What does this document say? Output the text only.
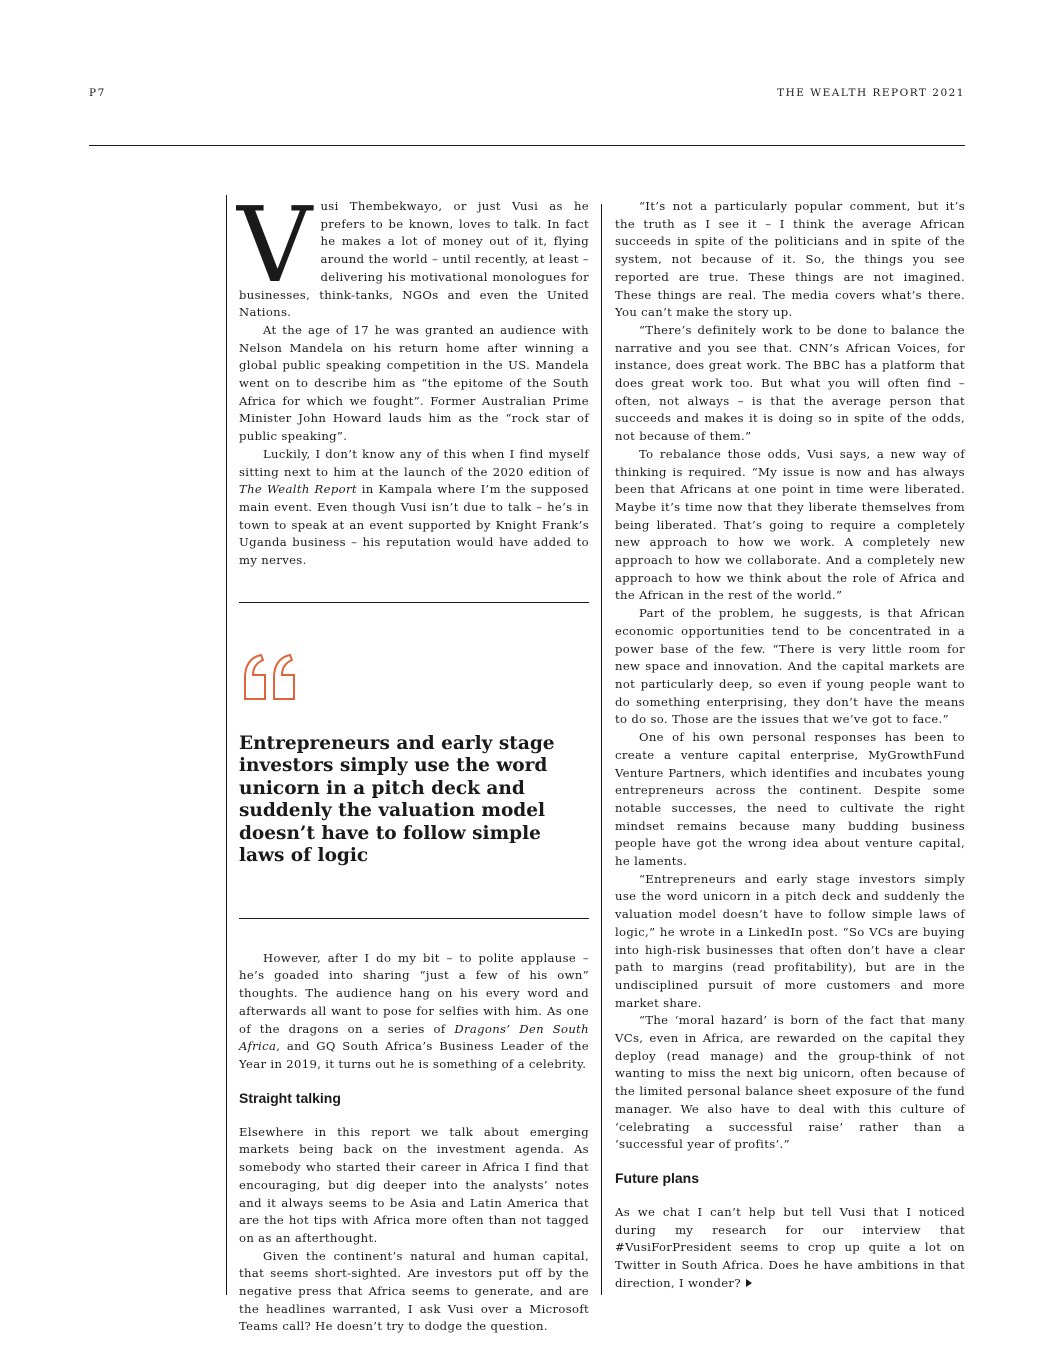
P7	THE WEALTH REPORT 2021

Vusi Thembekwayo, or just Vusi as he prefers to be known, loves to talk. In fact he makes a lot of money out of it, flying around the world – until recently, at least – delivering his motivational monologues for businesses, think-tanks, NGOs and even the United Nations.

At the age of 17 he was granted an audience with Nelson Mandela on his return home after winning a global public speaking competition in the US. Mandela went on to describe him as “the epitome of the South Africa for which we fought”. Former Australian Prime Minister John Howard lauds him as the “rock star of public speaking”.

Luckily, I don’t know any of this when I find myself sitting next to him at the launch of the 2020 edition of The Wealth Report in Kampala where I’m the supposed main event. Even though Vusi isn’t due to talk – he’s in town to speak at an event supported by Knight Frank’s Uganda business – his reputation would have added to my nerves.

Entrepreneurs and early stage investors simply use the word unicorn in a pitch deck and suddenly the valuation model doesn’t have to follow simple laws of logic

However, after I do my bit – to polite applause – he’s goaded into sharing “just a few of his own” thoughts. The audience hang on his every word and afterwards all want to pose for selfies with him. As one of the dragons on a series of Dragons’ Den South Africa, and GQ South Africa’s Business Leader of the Year in 2019, it turns out he is something of a celebrity.

Straight talking

Elsewhere in this report we talk about emerging markets being back on the investment agenda. As somebody who started their career in Africa I find that encouraging, but dig deeper into the analysts’ notes and it always seems to be Asia and Latin America that are the hot tips with Africa more often than not tagged on as an afterthought.

Given the continent’s natural and human capital, that seems short-sighted. Are investors put off by the negative press that Africa seems to generate, and are the headlines warranted, I ask Vusi over a Microsoft Teams call? He doesn’t try to dodge the question.

“It’s not a particularly popular comment, but it’s the truth as I see it – I think the average African succeeds in spite of the politicians and in spite of the system, not because of it. So, the things you see reported are true. These things are not imagined. These things are real. The media covers what’s there. You can’t make the story up.

“There’s definitely work to be done to balance the narrative and you see that. CNN’s African Voices, for instance, does great work. The BBC has a platform that does great work too. But what you will often find – often, not always – is that the average person that succeeds and makes it is doing so in spite of the odds, not because of them.”

To rebalance those odds, Vusi says, a new way of thinking is required. “My issue is now and has always been that Africans at one point in time were liberated. Maybe it’s time now that they liberate themselves from being liberated. That’s going to require a completely new approach to how we work. A completely new approach to how we collaborate. And a completely new approach to how we think about the role of Africa and the African in the rest of the world.”

Part of the problem, he suggests, is that African economic opportunities tend to be concentrated in a power base of the few. “There is very little room for new space and innovation. And the capital markets are not particularly deep, so even if young people want to do something enterprising, they don’t have the means to do so. Those are the issues that we’ve got to face.”

One of his own personal responses has been to create a venture capital enterprise, MyGrowthFund Venture Partners, which identifies and incubates young entrepreneurs across the continent. Despite some notable successes, the need to cultivate the right mindset remains because many budding business people have got the wrong idea about venture capital, he laments.

“Entrepreneurs and early stage investors simply use the word unicorn in a pitch deck and suddenly the valuation model doesn’t have to follow simple laws of logic,” he wrote in a LinkedIn post. “So VCs are buying into high-risk businesses that often don’t have a clear path to margins (read profitability), but are in the undisciplined pursuit of more customers and more market share.

“The ‘moral hazard’ is born of the fact that many VCs, even in Africa, are rewarded on the capital they deploy (read manage) and the group-think of not wanting to miss the next big unicorn, often because of the limited personal balance sheet exposure of the fund manager. We also have to deal with this culture of ‘celebrating a successful raise’ rather than a ‘successful year of profits’.”

Future plans

As we chat I can’t help but tell Vusi that I noticed during my research for our interview that #VusiForPresident seems to crop up quite a lot on Twitter in South Africa. Does he have ambitions in that direction, I wonder?
